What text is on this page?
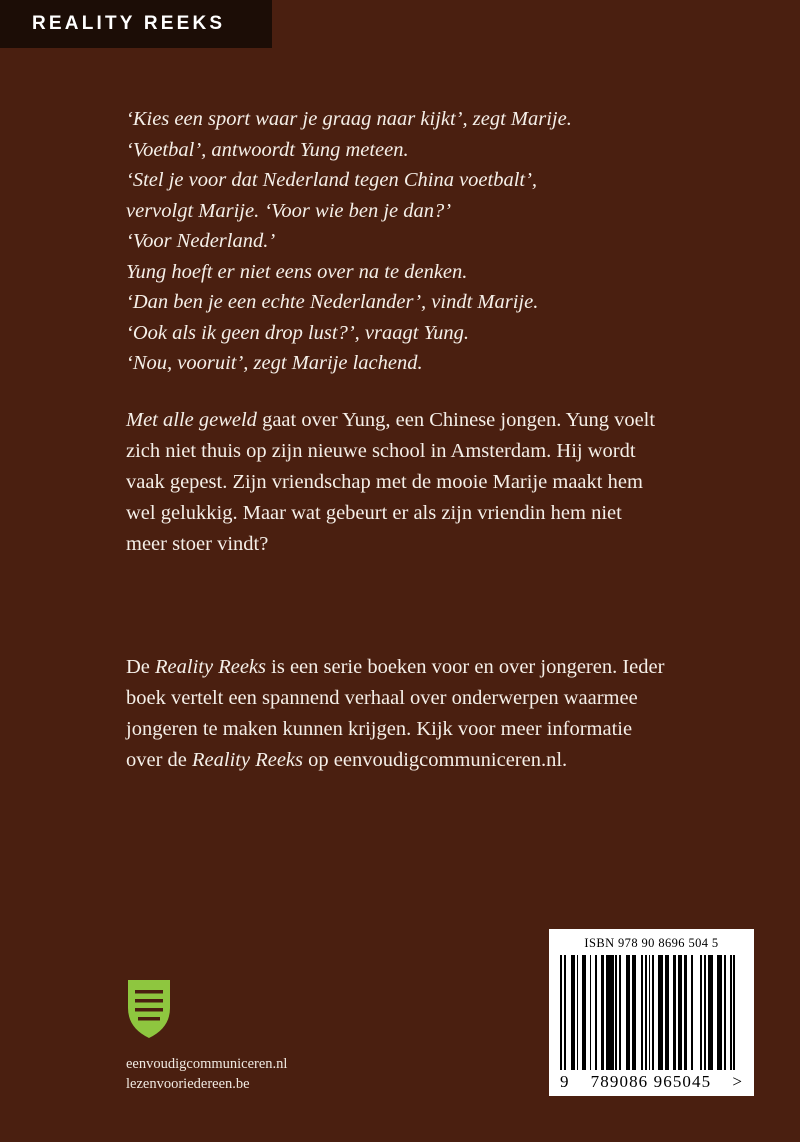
REALITY REEKS
‘Kies een sport waar je graag naar kijkt’, zegt Marije.
‘Voetbal’, antwoordt Yung meteen.
‘Stel je voor dat Nederland tegen China voetbalt’,
vervolgt Marije. ‘Voor wie ben je dan?’
‘Voor Nederland.’
Yung hoeft er niet eens over na te denken.
‘Dan ben je een echte Nederlander’, vindt Marije.
‘Ook als ik geen drop lust?’, vraagt Yung.
‘Nou, vooruit’, zegt Marije lachend.
Met alle geweld gaat over Yung, een Chinese jongen. Yung voelt zich niet thuis op zijn nieuwe school in Amsterdam. Hij wordt vaak gepest. Zijn vriendschap met de mooie Marije maakt hem wel gelukkig. Maar wat gebeurt er als zijn vriendin hem niet meer stoer vindt?
De Reality Reeks is een serie boeken voor en over jongeren. Ieder boek vertelt een spannend verhaal over onderwerpen waarmee jongeren te maken kunnen krijgen. Kijk voor meer informatie over de Reality Reeks op eenvoudigcommuniceren.nl.
eenvoudigcommuniceren.nl
lezenvooriedereen.be
ISBN 978 90 8696 504 5
9	789086 965045	>
